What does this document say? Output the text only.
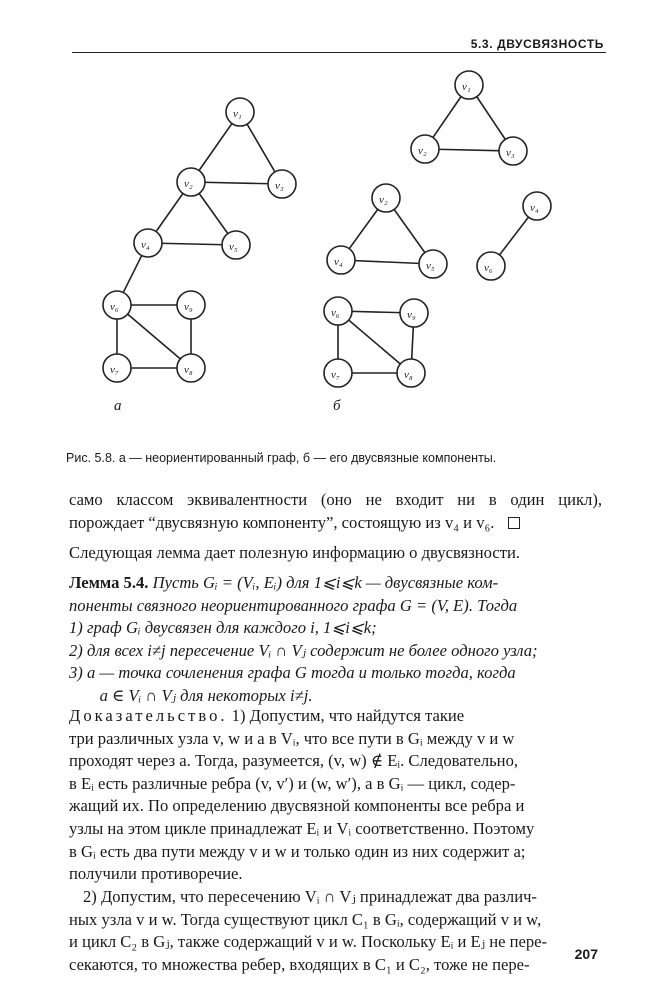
5.3. ДВУСВЯЗНОСТЬ
v₁
v₂	v₃
v₄	v₅
v₆	v₉
v₇	v₈
v₁
v₂	v₃
v₂
v₄	v₅
v₄
v₆
v₆	v₉
v₇	v₈
а	б
Рис. 5.8. а — неориентированный граф, б — его двусвязные компоненты.
само классом эквивалентности (оно не входит ни в один цикл),
порождает “двусвязную компоненту”, состоящую из v₄ и v₆.
Следующая лемма дает полезную информацию о двусвязности.
Лемма 5.4. Пусть Gᵢ = (Vᵢ, Eᵢ) для 1⩽i⩽k — двусвязные ком-
поненты связного неориентированного графа G = (V, E). Тогда
1) граф Gᵢ двусвязен для каждого i, 1⩽i⩽k;
2) для всех i≠j пересечение Vᵢ ∩ Vⱼ содержит не более одного узла;
3) a — точка сочленения графа G тогда и только тогда, когда
a ∈ Vᵢ ∩ Vⱼ для некоторых i≠j.
Доказательство. 1) Допустим, что найдутся такие
три различных узла v, w и a в Vᵢ, что все пути в Gᵢ между v и w
проходят через a. Тогда, разумеется, (v, w) ∉ Eᵢ. Следовательно,
в Eᵢ есть различные ребра (v, v′) и (w, w′), а в Gᵢ — цикл, содер-
жащий их. По определению двусвязной компоненты все ребра и
узлы на этом цикле принадлежат Eᵢ и Vᵢ соответственно. Поэтому
в Gᵢ есть два пути между v и w и только один из них содержит a;
получили противоречие.
2) Допустим, что пересечению Vᵢ ∩ Vⱼ принадлежат два различ-
ных узла v и w. Тогда существуют цикл C₁ в Gᵢ, содержащий v и w,
и цикл C₂ в Gⱼ, также содержащий v и w. Поскольку Eᵢ и Eⱼ не пере-
секаются, то множества ребер, входящих в C₁ и C₂, тоже не пере-
207
